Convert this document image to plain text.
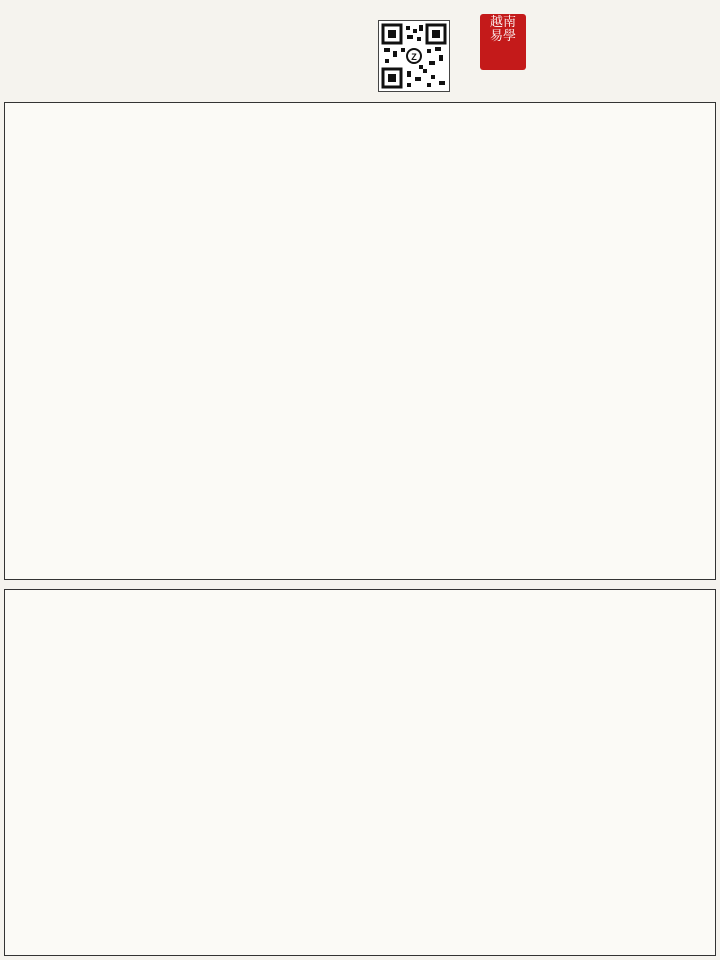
Z
越南
易學
